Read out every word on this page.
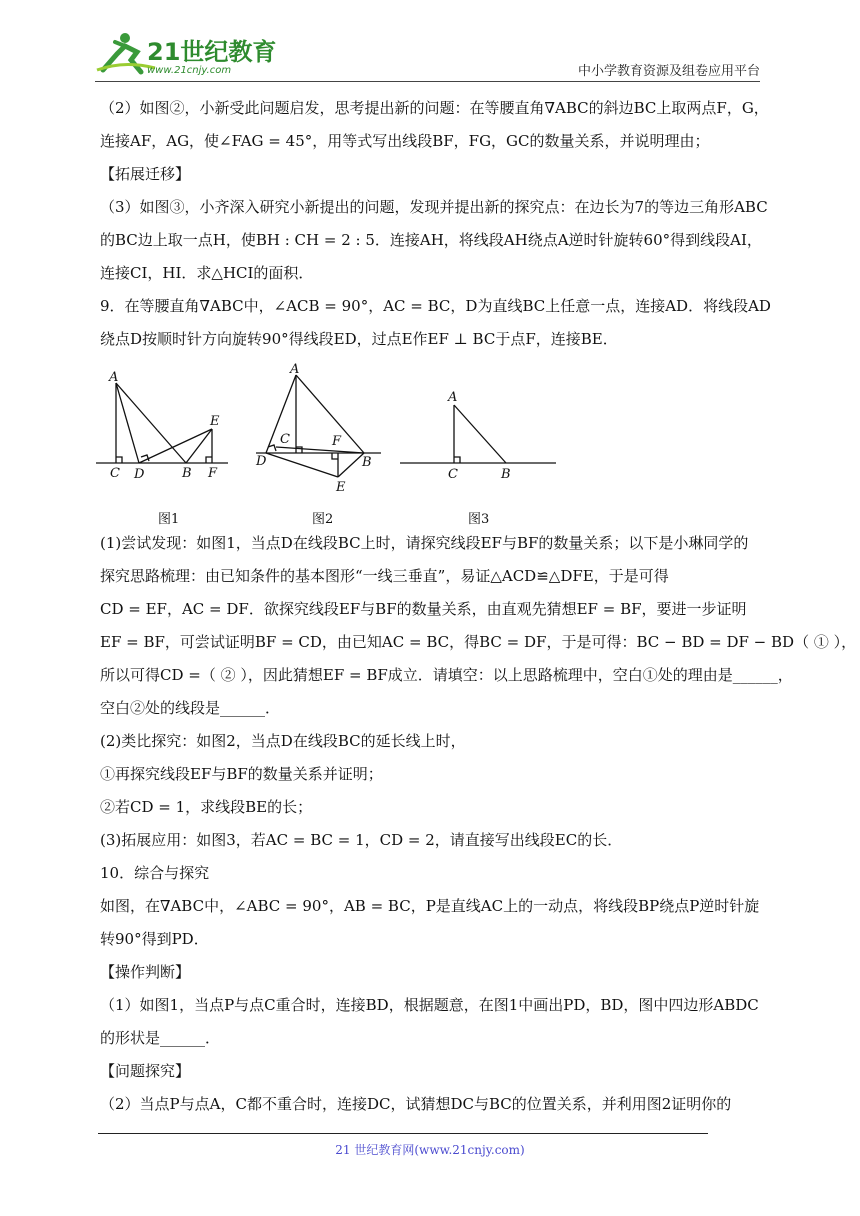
21世纪教育
www.21cnjy.com	中小学教育资源及组卷应用平台
（2）如图②，小新受此问题启发，思考提出新的问题：在等腰直角∇ABC的斜边BC上取两点F，G，
连接AF，AG，使∠FAG = 45°，用等式写出线段BF，FG，GC的数量关系，并说明理由；
【拓展迁移】
（3）如图③，小齐深入研究小新提出的问题，发现并提出新的探究点：在边长为7的等边三角形ABC
的BC边上取一点H，使BH : CH = 2 : 5．连接AH，将线段AH绕点A逆时针旋转60°得到线段AI，
连接CI，HI．求△HCI的面积．
9．在等腰直角∇ABC中，∠ACB = 90°，AC = BC，D为直线BC上任意一点，连接AD．将线段AD
绕点D按顺时针方向旋转90°得线段ED，过点E作EF ⊥ BC于点F，连接BE．
A
C D	B F
E
图1
A
C	F
D	B
E
图2
A
C	B
图3
(1)尝试发现：如图1，当点D在线段BC上时，请探究线段EF与BF的数量关系；以下是小琳同学的
探究思路梳理：由已知条件的基本图形“一线三垂直”，易证△ACD≌△DFE，于是可得
CD = EF，AC = DF．欲探究线段EF与BF的数量关系，由直观先猜想EF = BF，要进一步证明
EF = BF，可尝试证明BF = CD，由已知AC = BC，得BC = DF，于是可得：BC − BD = DF − BD（ ① ），
所以可得CD =（ ② ），因此猜想EF = BF成立．请填空：以上思路梳理中，空白①处的理由是______，
空白②处的线段是______．
(2)类比探究：如图2，当点D在线段BC的延长线上时，
①再探究线段EF与BF的数量关系并证明；
②若CD = 1，求线段BE的长；
(3)拓展应用：如图3，若AC = BC = 1，CD = 2，请直接写出线段EC的长．
10．综合与探究
如图，在∇ABC中，∠ABC = 90°，AB = BC，P是直线AC上的一动点，将线段BP绕点P逆时针旋
转90°得到PD．
【操作判断】
（1）如图1，当点P与点C重合时，连接BD，根据题意，在图1中画出PD，BD，图中四边形ABDC
的形状是______．
【问题探究】
（2）当点P与点A，C都不重合时，连接DC，试猜想DC与BC的位置关系，并利用图2证明你的
21 世纪教育网(www.21cnjy.com)
